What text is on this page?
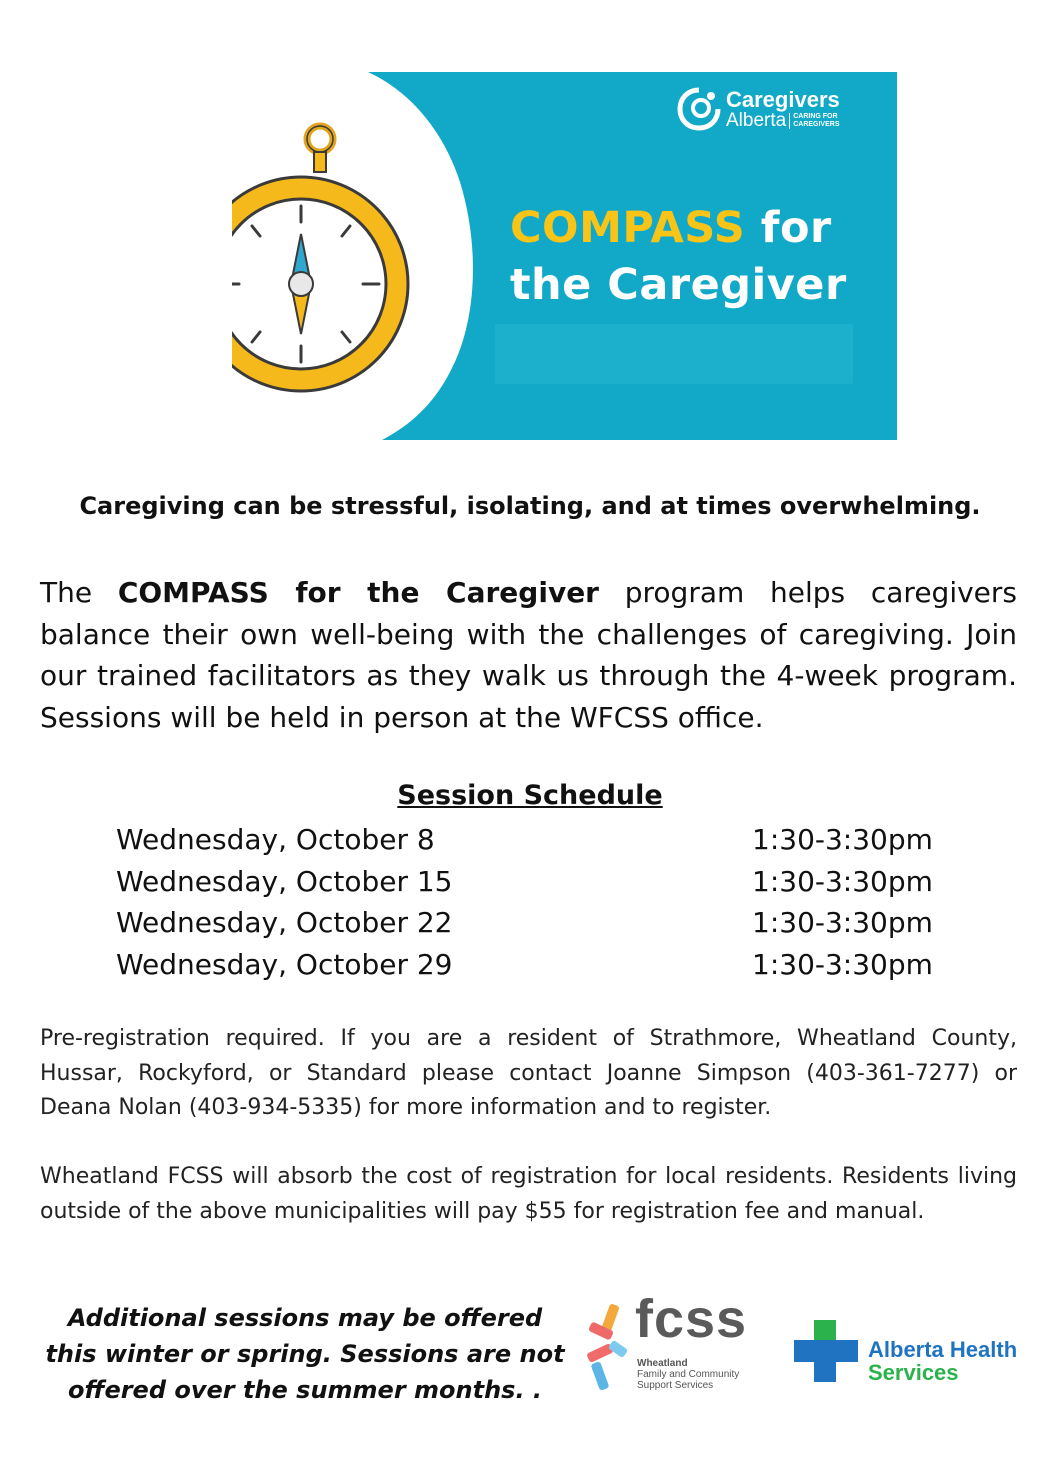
Caregivers
Alberta CARING FOR CAREGIVERS
COMPASS for
the Caregiver

Caregiving can be stressful, isolating, and at times overwhelming.

The COMPASS for the Caregiver program helps caregivers balance their own well-being with the challenges of caregiving. Join our trained facilitators as they walk us through the 4-week program. Sessions will be held in person at the WFCSS office.

Session Schedule

Wednesday, October 8	1:30-3:30pm
Wednesday, October 15	1:30-3:30pm
Wednesday, October 22	1:30-3:30pm
Wednesday, October 29	1:30-3:30pm

Pre-registration required. If you are a resident of Strathmore, Wheatland County, Hussar, Rockyford, or Standard please contact Joanne Simpson (403-361-7277) or Deana Nolan (403-934-5335) for more information and to register.

Wheatland FCSS will absorb the cost of registration for local residents. Residents living outside of the above municipalities will pay $55 for registration fee and manual.

Additional sessions may be offered this winter or spring. Sessions are not offered over the summer months. .

fcss
Wheatland
Family and Community
Support Services
Alberta Health
Services
